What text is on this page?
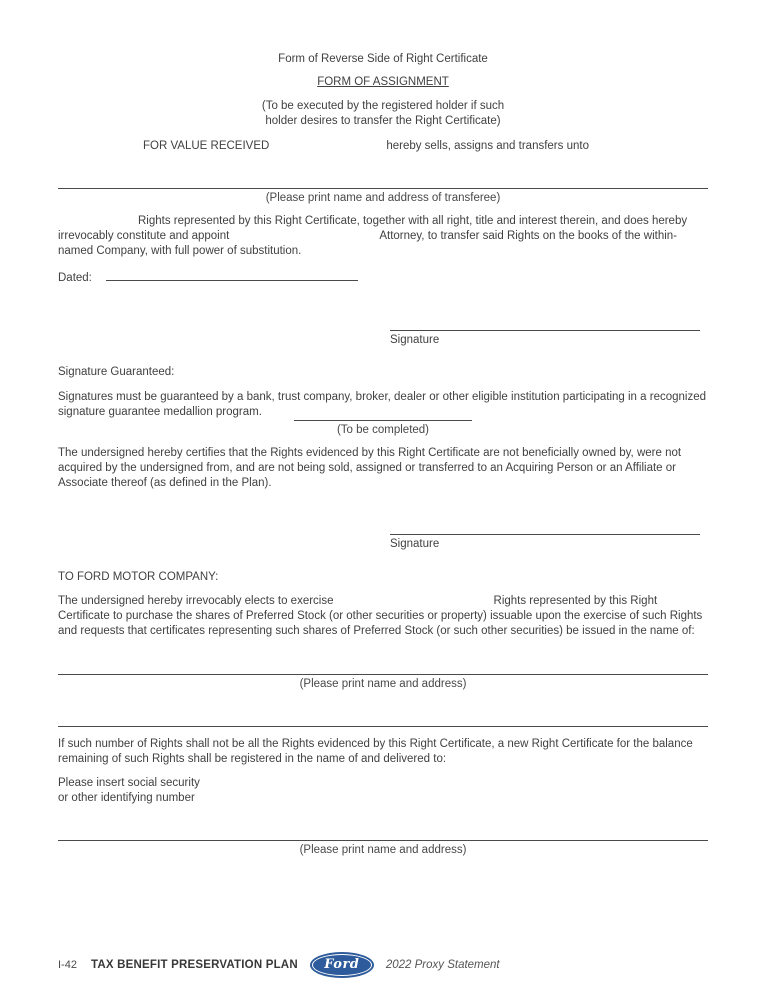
Form of Reverse Side of Right Certificate
FORM OF ASSIGNMENT
(To be executed by the registered holder if such
holder desires to transfer the Right Certificate)
FOR VALUE RECEIVED	hereby sells, assigns and transfers unto
(Please print name and address of transferee)
Rights represented by this Right Certificate, together with all right, title and interest therein, and does hereby irrevocably constitute and appoint	Attorney, to transfer said Rights on the books of the within-named Company, with full power of substitution.
Dated:
Signature
Signature Guaranteed:
Signatures must be guaranteed by a bank, trust company, broker, dealer or other eligible institution participating in a recognized signature guarantee medallion program.
(To be completed)
The undersigned hereby certifies that the Rights evidenced by this Right Certificate are not beneficially owned by, were not acquired by the undersigned from, and are not being sold, assigned or transferred to an Acquiring Person or an Affiliate or Associate thereof (as defined in the Plan).
Signature
TO FORD MOTOR COMPANY:
The undersigned hereby irrevocably elects to exercise	Rights represented by this Right Certificate to purchase the shares of Preferred Stock (or other securities or property) issuable upon the exercise of such Rights and requests that certificates representing such shares of Preferred Stock (or such other securities) be issued in the name of:
(Please print name and address)
If such number of Rights shall not be all the Rights evidenced by this Right Certificate, a new Right Certificate for the balance remaining of such Rights shall be registered in the name of and delivered to:
Please insert social security
or other identifying number
(Please print name and address)
I-42 TAX BENEFIT PRESERVATION PLAN	Ford	2022 Proxy Statement
